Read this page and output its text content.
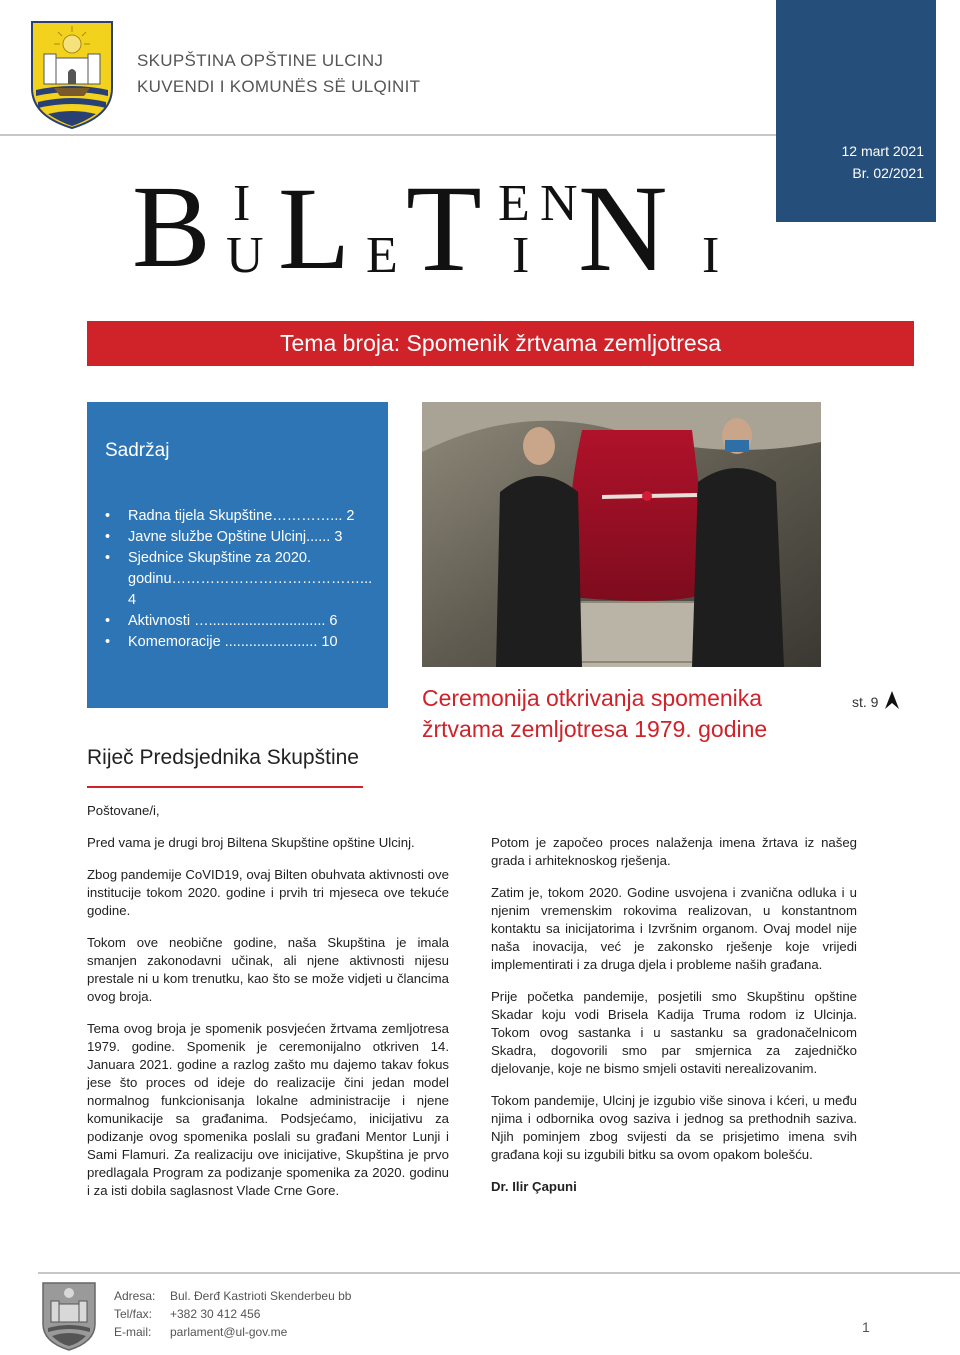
SKUPŠTINA OPŠTINE ULCINJ
KUVENDI I KOMUNËS SË ULQINIT
12 mart 2021
Br. 02/2021
B I
U L E T E N
I N I
Tema broja: Spomenik žrtvama zemljotresa
Sadržaj
• Radna tijela Skupštine…………... 2
• Javne službe Opštine Ulcinj...... 3
• Sjednice Skupštine za 2020. godinu…………………………………... 4
• Aktivnosti …............................. 6
• Komemoracije ....................... 10
Ceremonija otkrivanja spomenika
žrtvama zemljotresa 1979. godine
st. 9
Riječ Predsjednika Skupštine

Poštovane/i,

Pred vama je drugi broj Biltena Skupštine opštine Ulcinj.

Zbog pandemije CoVID19, ovaj Bilten obuhvata aktivnosti ove institucije tokom 2020. godine i prvih tri mjeseca ove tekuće godine.

Tokom ove neobične godine, naša Skupština je imala smanjen zakonodavni učinak, ali njene aktivnosti nijesu prestale ni u kom trenutku, kao što se može vidjeti u člancima ovog broja.

Tema ovog broja je spomenik posvjećen žrtvama zemljotresa 1979. godine. Spomenik je ceremonijalno otkriven 14. Januara 2021. godine a razlog zašto mu dajemo takav fokus jese što proces od ideje do realizacije čini jedan model normalnog funkcionisanja lokalne administracije i njene komunikacije sa građanima. Podsjećamo, inicijativu za podizanje ovog spomenika poslali su građani Mentor Lunji i Sami Flamuri. Za realizaciju ove inicijative, Skupština je prvo predlagala Program za podizanje spomenika za 2020. godinu i za isti dobila saglasnost Vlade Crne Gore.

Potom je započeo proces nalaženja imena žrtava iz našeg grada i arhiteknoskog rješenja.

Zatim je, tokom 2020. Godine usvojena i zvanična odluka i u njenim vremenskim rokovima realizovan, u konstantnom kontaktu sa inicijatorima i Izvršnim organom. Ovaj model nije naša inovacija, već je zakonsko rješenje koje vrijedi implementirati i za druga djela i probleme naših građana.

Prije početka pandemije, posjetili smo Skupštinu opštine Skadar koju vodi Brisela Kadija Truma rodom iz Ulcinja. Tokom ovog sastanka i u sastanku sa gradonačelnicom Skadra, dogovorili smo par smjernica za zajedničko djelovanje, koje ne bismo smjeli ostaviti nerealizovanim.

Tokom pandemije, Ulcinj je izgubio više sinova i kćeri, u među njima i odbornika ovog saziva i jednog sa prethodnih saziva. Njih pominjem zbog svijesti da se prisjetimo imena svih građana koji su izgubili bitku sa ovom opakom bolešću.

Dr. Ilir Çapuni

Adresa: Bul. Đerđ Kastrioti Skenderbeu bb
Tel/fax: +382 30 412 456
E-mail: parlament@ul-gov.me	1
